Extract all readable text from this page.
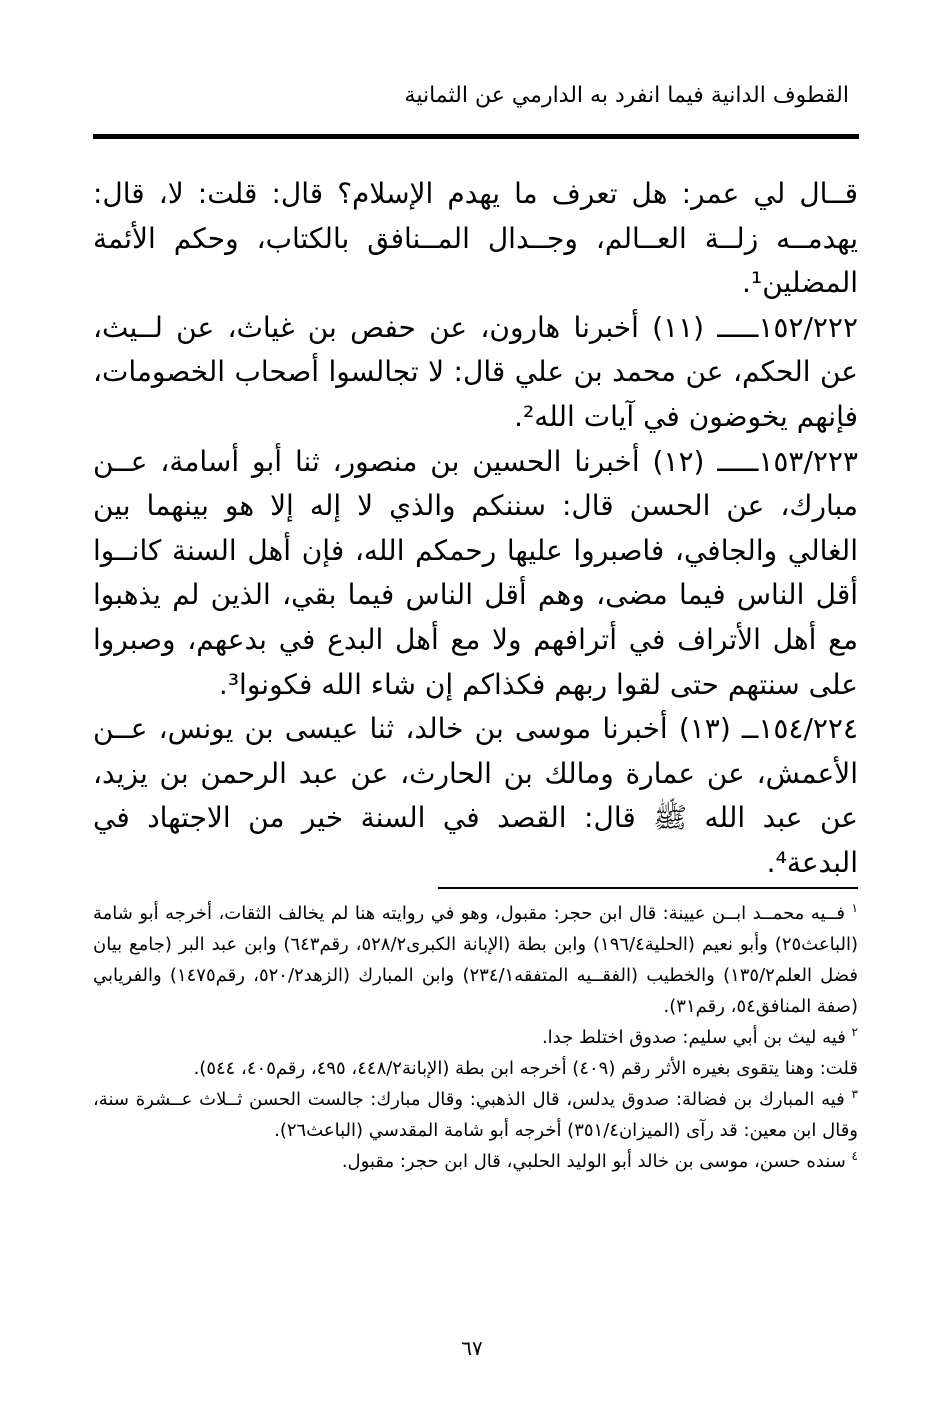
القطوف الدانية فيما انفرد به الدارمي عن الثمانية

قــال لي عمر: هل تعرف ما يهدم الإسلام؟ قال: قلت: لا، قال: يهدمــه زلــة العــالم، وجــدال المــنافق بالكتاب، وحكم الأئمة المضلين¹.

١٥٢/٢٢٢ـــــ (١١) أخبرنا هارون، عن حفص بن غياث، عن لــيث، عن الحكم، عن محمد بن علي قال: لا تجالسوا أصحاب الخصومات، فإنهم يخوضون في آيات الله².

١٥٣/٢٢٣ـــــ (١٢) أخبرنا الحسين بن منصور، ثنا أبو أسامة، عــن مبارك، عن الحسن قال: سننكم والذي لا إله إلا هو بينهما بين الغالي والجافي، فاصبروا عليها رحمكم الله، فإن أهل السنة كانــوا أقل الناس فيما مضى، وهم أقل الناس فيما بقي، الذين لم يذهبوا مع أهل الأتراف في أترافهم ولا مع أهل البدع في بدعهم، وصبروا على سنتهم حتى لقوا ربهم فكذاكم إن شاء الله فكونوا³.

١٥٤/٢٢٤ــ (١٣) أخبرنا موسى بن خالد، ثنا عيسى بن يونس، عــن الأعمش، عن عمارة ومالك بن الحارث، عن عبد الرحمن بن يزيد، عن عبد الله ﷺ قال: القصد في السنة خير من الاجتهاد في البدعة⁴.

$^١$ فــيه محمــد ابــن عيينة: قال ابن حجر: مقبول، وهو في روايته هنا لم يخالف الثقات، أخرجه أبو شامة (الباعث٢٥) وأبو نعيم (الحلية١٩٦/٤) وابن بطة (الإبانة الكبرى٥٢٨/٢، رقم٦٤٣) وابن عبد البر (جامع بيان فضل العلم١٣٥/٢) والخطيب (الفقــيه المتفقه٢٣٤/١) وابن المبارك (الزهد٥٢٠/٢، رقم١٤٧٥) والفريابي (صفة المنافق٥٤، رقم٣١).

$^٢$ فيه ليث بن أبي سليم: صدوق اختلط جدا.

قلت: وهنا يتقوى بغيره الأثر رقم (٤٠٩) أخرجه ابن بطة (الإبانة٤٤٨/٢، ٤٩٥، رقم٤٠٥، ٥٤٤).

$^٣$ فيه المبارك بن فضالة: صدوق يدلس، قال الذهبي: وقال مبارك: جالست الحسن ثــلاث عــشرة سنة، وقال ابن معين: قد رآى (الميزان٣٥١/٤) أخرجه أبو شامة المقدسي (الباعث٢٦).

$^٤$ سنده حسن، موسى بن خالد أبو الوليد الحلبي، قال ابن حجر: مقبول.

٦٧
